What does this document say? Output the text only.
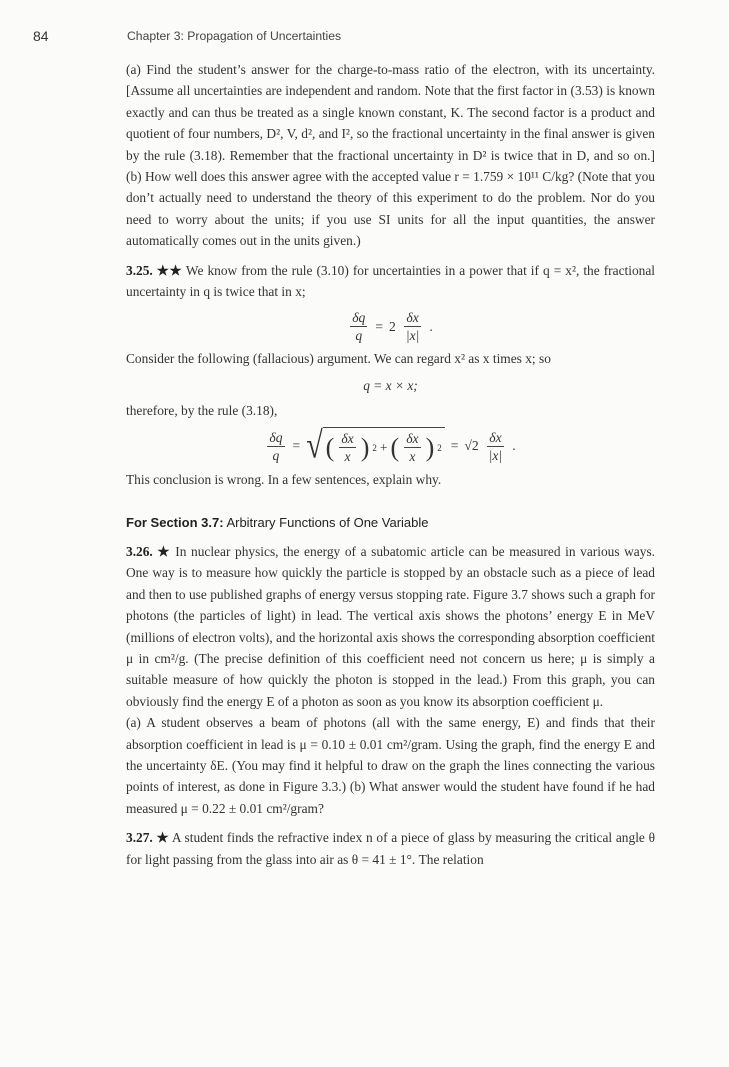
84	Chapter 3: Propagation of Uncertainties

(a) Find the student’s answer for the charge-to-mass ratio of the electron, with its uncertainty. [Assume all uncertainties are independent and random. Note that the first factor in (3.53) is known exactly and can thus be treated as a single known constant, K. The second factor is a product and quotient of four numbers, D², V, d², and I², so the fractional uncertainty in the final answer is given by the rule (3.18). Remember that the fractional uncertainty in D² is twice that in D, and so on.] (b) How well does this answer agree with the accepted value r = 1.759 × 10¹¹ C/kg? (Note that you don’t actually need to understand the theory of this experiment to do the problem. Nor do you need to worry about the units; if you use SI units for all the input quantities, the answer automatically comes out in the units given.)

3.25. ★★ We know from the rule (3.10) for uncertainties in a power that if q = x², the fractional uncertainty in q is twice that in x;

$\frac{\delta q}{q} = 2 \frac{\delta x}{|x|}$ .

Consider the following (fallacious) argument. We can regard x² as x times x; so

q = x × x;

therefore, by the rule (3.18),

$\frac{\delta q}{q}$ = √ ( $\frac{\delta x}{x}$ ) 2 + ( $\frac{\delta x}{x}$ ) $2 = √2 \frac{\delta x}{|x|}$ .

This conclusion is wrong. In a few sentences, explain why.

For Section 3.7: Arbitrary Functions of One Variable

3.26. ★ In nuclear physics, the energy of a subatomic article can be measured in various ways. One way is to measure how quickly the particle is stopped by an obstacle such as a piece of lead and then to use published graphs of energy versus stopping rate. Figure 3.7 shows such a graph for photons (the particles of light) in lead. The vertical axis shows the photons’ energy E in MeV (millions of electron volts), and the horizontal axis shows the corresponding absorption coefficient μ in cm²/g. (The precise definition of this coefficient need not concern us here; μ is simply a suitable measure of how quickly the photon is stopped in the lead.) From this graph, you can obviously find the energy E of a photon as soon as you know its absorption coefficient μ.

(a) A student observes a beam of photons (all with the same energy, E) and finds that their absorption coefficient in lead is μ = 0.10 ± 0.01 cm²/gram. Using the graph, find the energy E and the uncertainty δE. (You may find it helpful to draw on the graph the lines connecting the various points of interest, as done in Figure 3.3.) (b) What answer would the student have found if he had measured μ = 0.22 ± 0.01 cm²/gram?

3.27. ★ A student finds the refractive index n of a piece of glass by measuring the critical angle θ for light passing from the glass into air as θ = 41 ± 1°. The relation
